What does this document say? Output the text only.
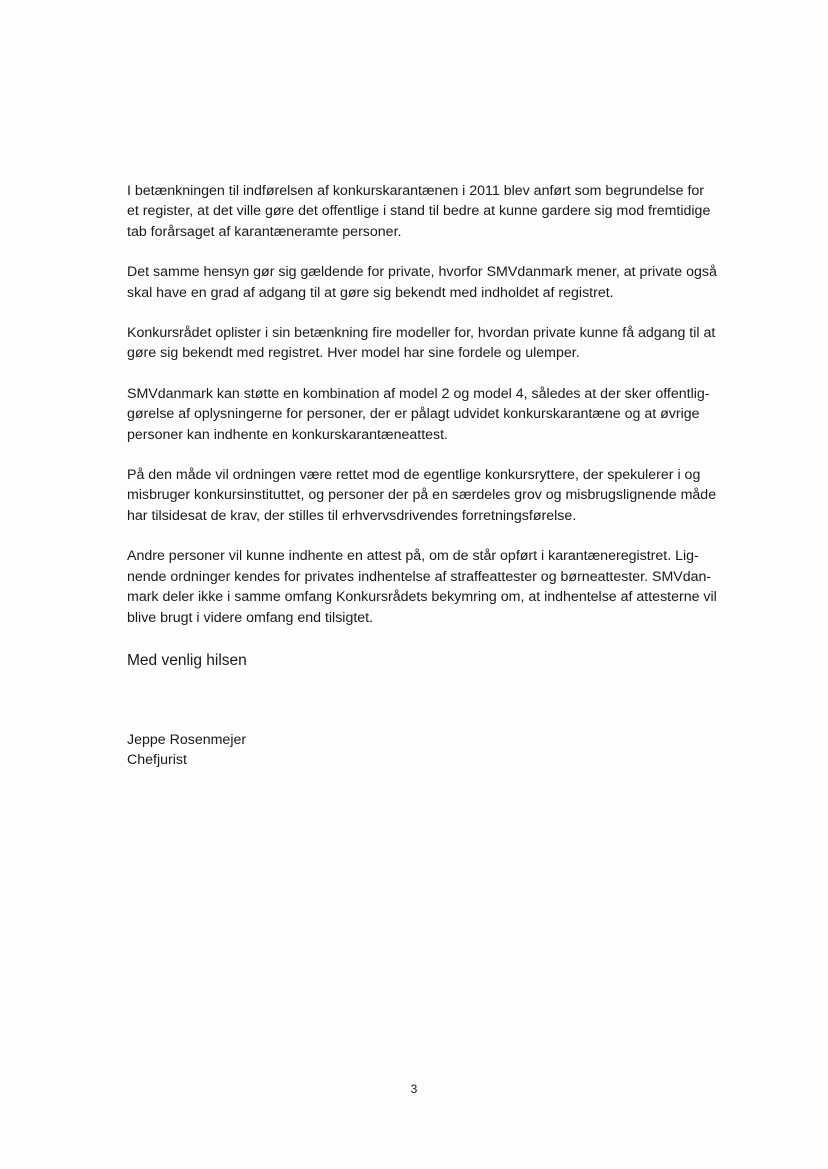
I betænkningen til indførelsen af konkurskarantænen i 2011 blev anført som begrundelse for
et register, at det ville gøre det offentlige i stand til bedre at kunne gardere sig mod fremtidige
tab forårsaget af karantæneramte personer.

Det samme hensyn gør sig gældende for private, hvorfor SMVdanmark mener, at private også
skal have en grad af adgang til at gøre sig bekendt med indholdet af registret.

Konkursrådet oplister i sin betænkning fire modeller for, hvordan private kunne få adgang til at
gøre sig bekendt med registret. Hver model har sine fordele og ulemper.

SMVdanmark kan støtte en kombination af model 2 og model 4, således at der sker offentlig-
gørelse af oplysningerne for personer, der er pålagt udvidet konkurskarantæne og at øvrige
personer kan indhente en konkurskarantæneattest.

På den måde vil ordningen være rettet mod de egentlige konkursryttere, der spekulerer i og
misbruger konkursinstituttet, og personer der på en særdeles grov og misbrugslignende måde
har tilsidesat de krav, der stilles til erhvervsdrivendes forretningsførelse.

Andre personer vil kunne indhente en attest på, om de står opført i karantæneregistret. Lig-
nende ordninger kendes for privates indhentelse af straffeattester og børneattester. SMVdan-
mark deler ikke i samme omfang Konkursrådets bekymring om, at indhentelse af attesterne vil
blive brugt i videre omfang end tilsigtet.

Med venlig hilsen

Jeppe Rosenmejer
Chefjurist
3
